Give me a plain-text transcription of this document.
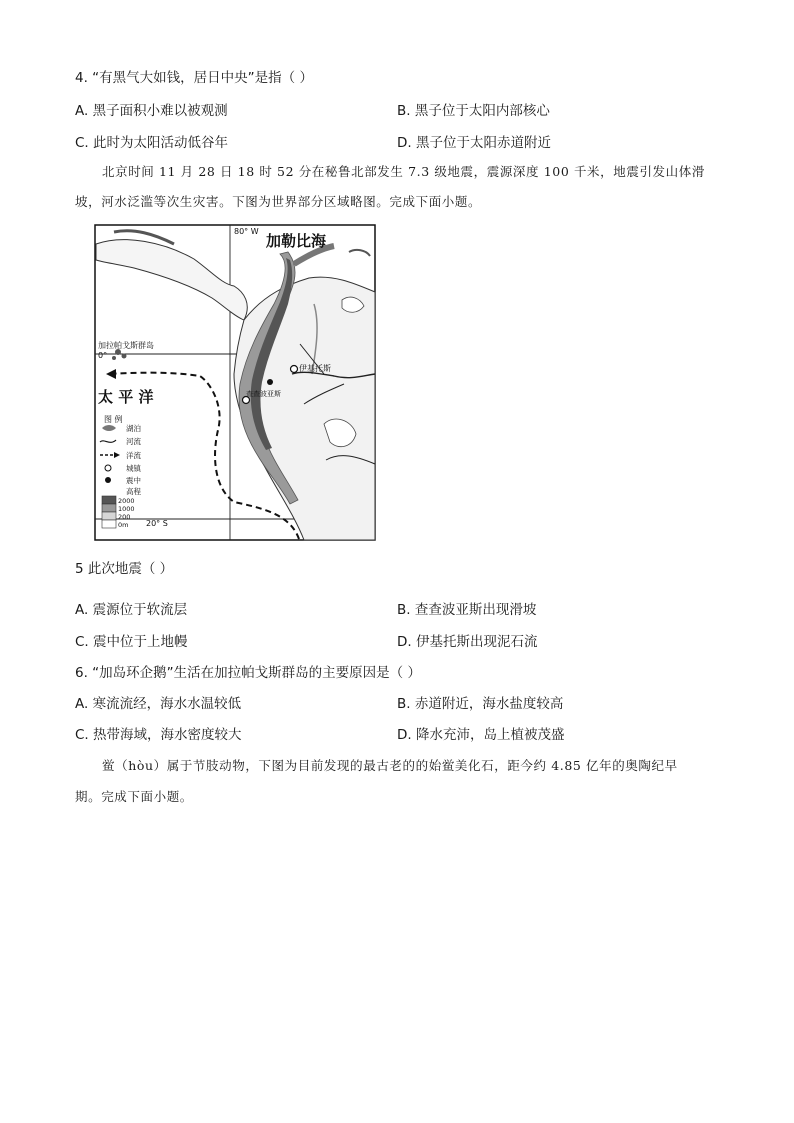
4. “有黑气大如钱，居日中央”是指（ ）
A. 黑子面积小难以被观测	B. 黑子位于太阳内部核心
C. 此时为太阳活动低谷年	D. 黑子位于太阳赤道附近
北京时间 11 月 28 日 18 时 52 分在秘鲁北部发生 7.3 级地震，震源深度 100 千米，地震引发山体滑
坡，河水泛滥等次生灾害。下图为世界部分区域略图。完成下面小题。
加勒比海
80° W
加拉帕戈斯群岛
0°
伊基托斯
查查波亚斯
太 平 洋
20° S
图 例
湖泊
河流
洋流
城镇
震中
高程
2000
1000
200
0m
5 此次地震（ ）
A. 震源位于软流层	B. 查查波亚斯出现滑坡
C. 震中位于上地幔	D. 伊基托斯出现泥石流
6. “加岛环企鹅”生活在加拉帕戈斯群岛的主要原因是（ ）
A. 寒流流经，海水水温较低	B. 赤道附近，海水盐度较高
C. 热带海域，海水密度较大	D. 降水充沛，岛上植被茂盛
鲎（hòu）属于节肢动物，下图为目前发现的最古老的的始鲎美化石，距今约 4.85 亿年的奥陶纪早
期。完成下面小题。
